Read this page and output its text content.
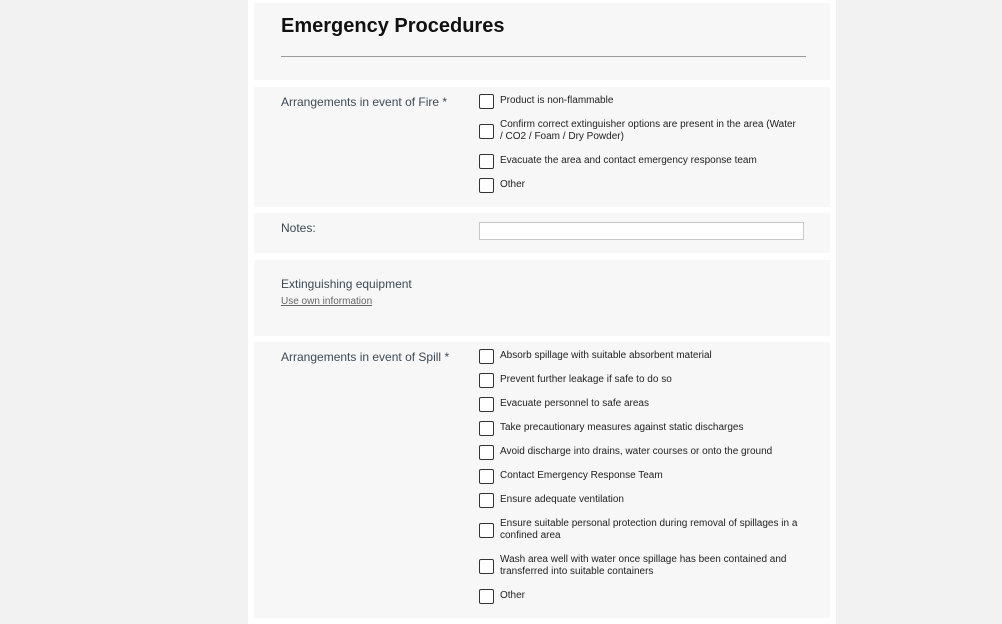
Emergency Procedures
Arrangements in event of Fire *	Product is non-flammable
Confirm correct extinguisher options are present in the area (Water / CO2 / Foam / Dry Powder)
Evacuate the area and contact emergency response team
Other
Notes:
Extinguishing equipment
Use own information
Arrangements in event of Spill *	Absorb spillage with suitable absorbent material
Prevent further leakage if safe to do so
Evacuate personnel to safe areas
Take precautionary measures against static discharges
Avoid discharge into drains, water courses or onto the ground
Contact Emergency Response Team
Ensure adequate ventilation
Ensure suitable personal protection during removal of spillages in a confined area
Wash area well with water once spillage has been contained and transferred into suitable containers
Other
